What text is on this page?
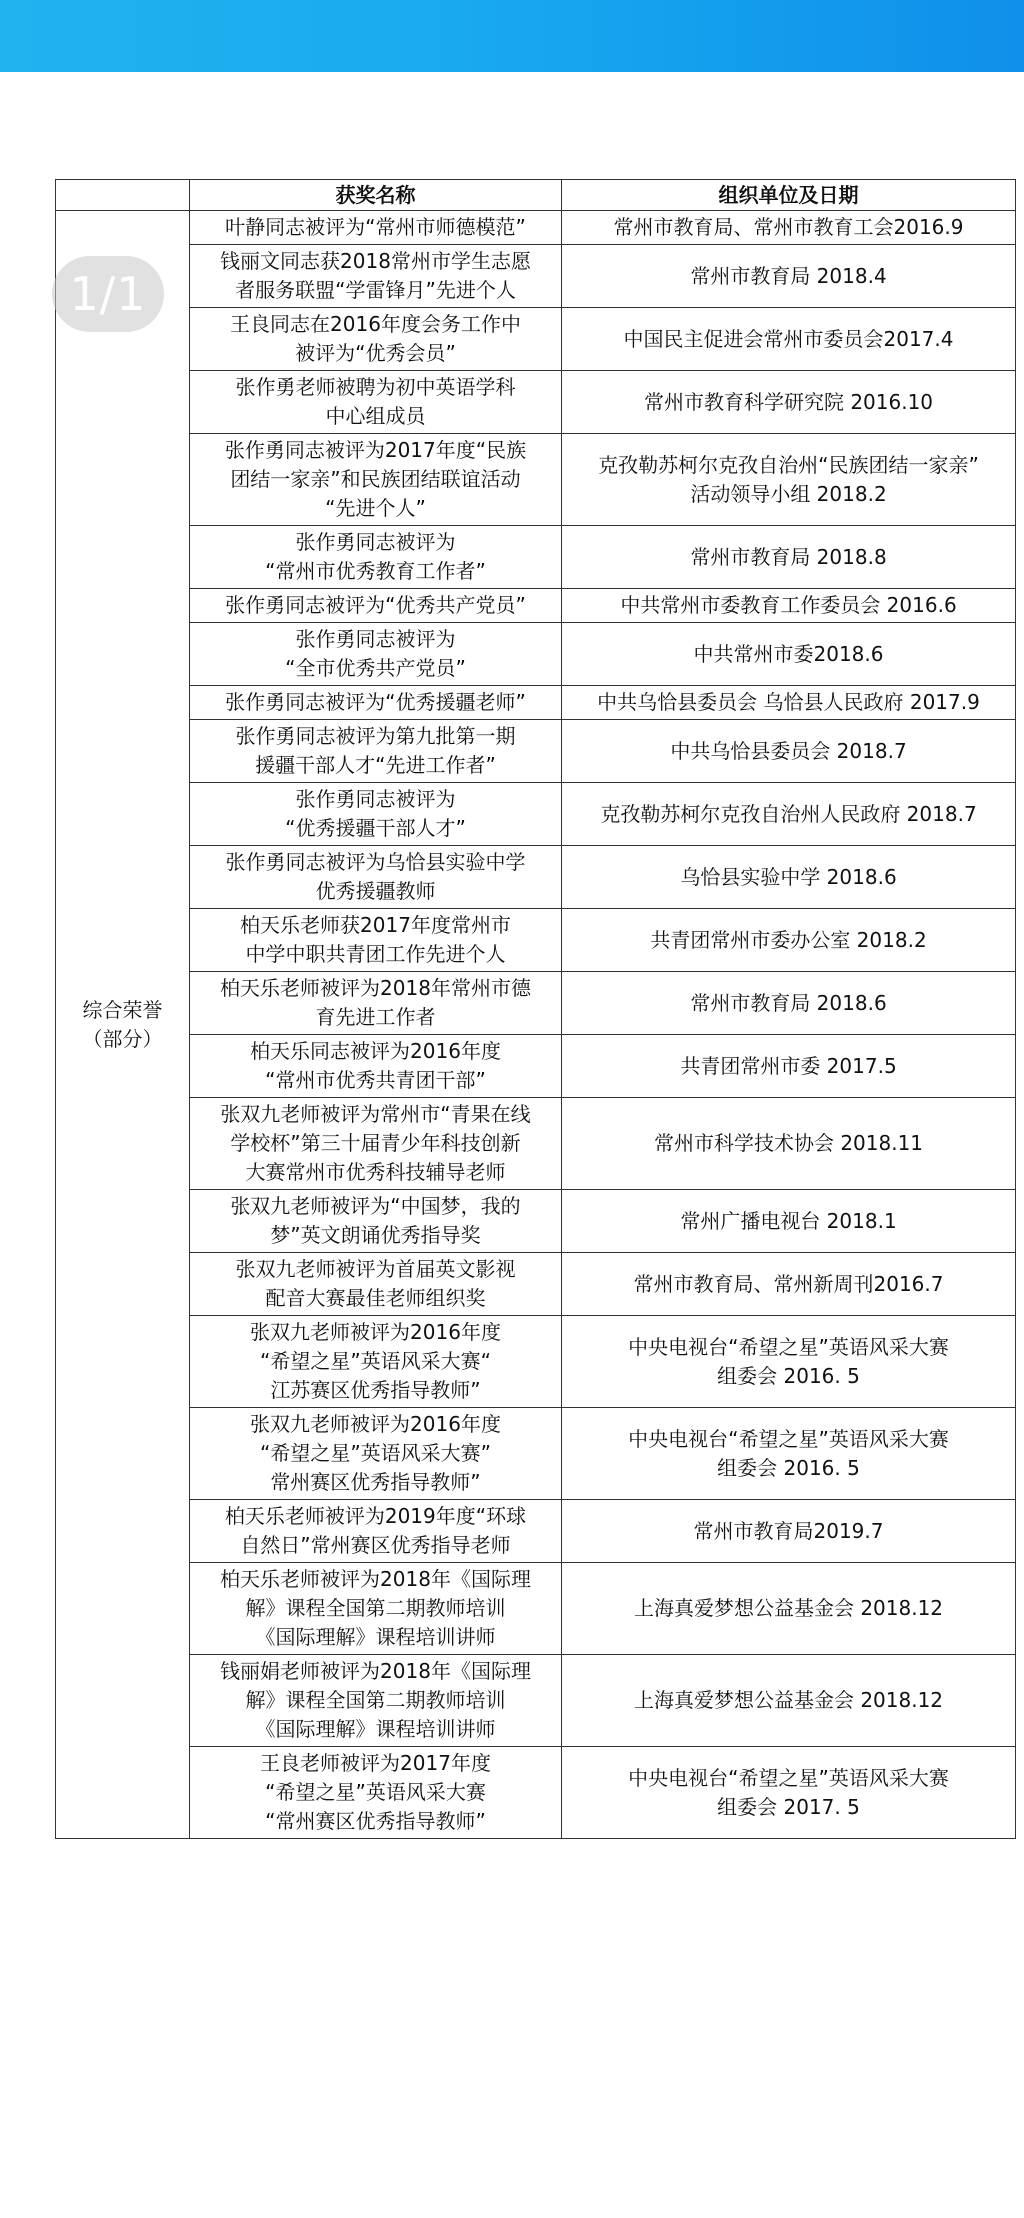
1/1
	获奖名称	组织单位及日期
综合荣誉
（部分）	叶静同志被评为“常州市师德模范”	常州市教育局、常州市教育工会2016.9
	钱丽文同志获2018常州市学生志愿
者服务联盟“学雷锋月”先进个人	常州市教育局 2018.4
	王良同志在2016年度会务工作中
被评为“优秀会员”	中国民主促进会常州市委员会2017.4
	张作勇老师被聘为初中英语学科
中心组成员	常州市教育科学研究院 2016.10
	张作勇同志被评为2017年度“民族
团结一家亲”和民族团结联谊活动
“先进个人”	克孜勒苏柯尔克孜自治州“民族团结一家亲”
活动领导小组 2018.2
	张作勇同志被评为
“常州市优秀教育工作者”	常州市教育局 2018.8
	张作勇同志被评为“优秀共产党员”	中共常州市委教育工作委员会 2016.6
	张作勇同志被评为
“全市优秀共产党员”	中共常州市委2018.6
	张作勇同志被评为“优秀援疆老师”	中共乌恰县委员会 乌恰县人民政府 2017.9
	张作勇同志被评为第九批第一期
援疆干部人才“先进工作者”	中共乌恰县委员会 2018.7
	张作勇同志被评为
“优秀援疆干部人才”	克孜勒苏柯尔克孜自治州人民政府 2018.7
	张作勇同志被评为乌恰县实验中学
优秀援疆教师	乌恰县实验中学 2018.6
	柏天乐老师获2017年度常州市
中学中职共青团工作先进个人	共青团常州市委办公室 2018.2
	柏天乐老师被评为2018年常州市德
育先进工作者	常州市教育局 2018.6
	柏天乐同志被评为2016年度
“常州市优秀共青团干部”	共青团常州市委 2017.5
	张双九老师被评为常州市“青果在线
学校杯”第三十届青少年科技创新
大赛常州市优秀科技辅导老师	常州市科学技术协会 2018.11
	张双九老师被评为“中国梦，我的
梦”英文朗诵优秀指导奖	常州广播电视台 2018.1
	张双九老师被评为首届英文影视
配音大赛最佳老师组织奖	常州市教育局、常州新周刊2016.7
	张双九老师被评为2016年度
“希望之星”英语风采大赛“
江苏赛区优秀指导教师”	中央电视台“希望之星”英语风采大赛
组委会 2016. 5
	张双九老师被评为2016年度
“希望之星”英语风采大赛”
常州赛区优秀指导教师”	中央电视台“希望之星”英语风采大赛
组委会 2016. 5
	柏天乐老师被评为2019年度“环球
自然日”常州赛区优秀指导老师	常州市教育局2019.7
	柏天乐老师被评为2018年《国际理
解》课程全国第二期教师培训
《国际理解》课程培训讲师	上海真爱梦想公益基金会 2018.12
	钱丽娟老师被评为2018年《国际理
解》课程全国第二期教师培训
《国际理解》课程培训讲师	上海真爱梦想公益基金会 2018.12
	王良老师被评为2017年度
“希望之星”英语风采大赛
“常州赛区优秀指导教师”	中央电视台“希望之星”英语风采大赛
组委会 2017. 5
